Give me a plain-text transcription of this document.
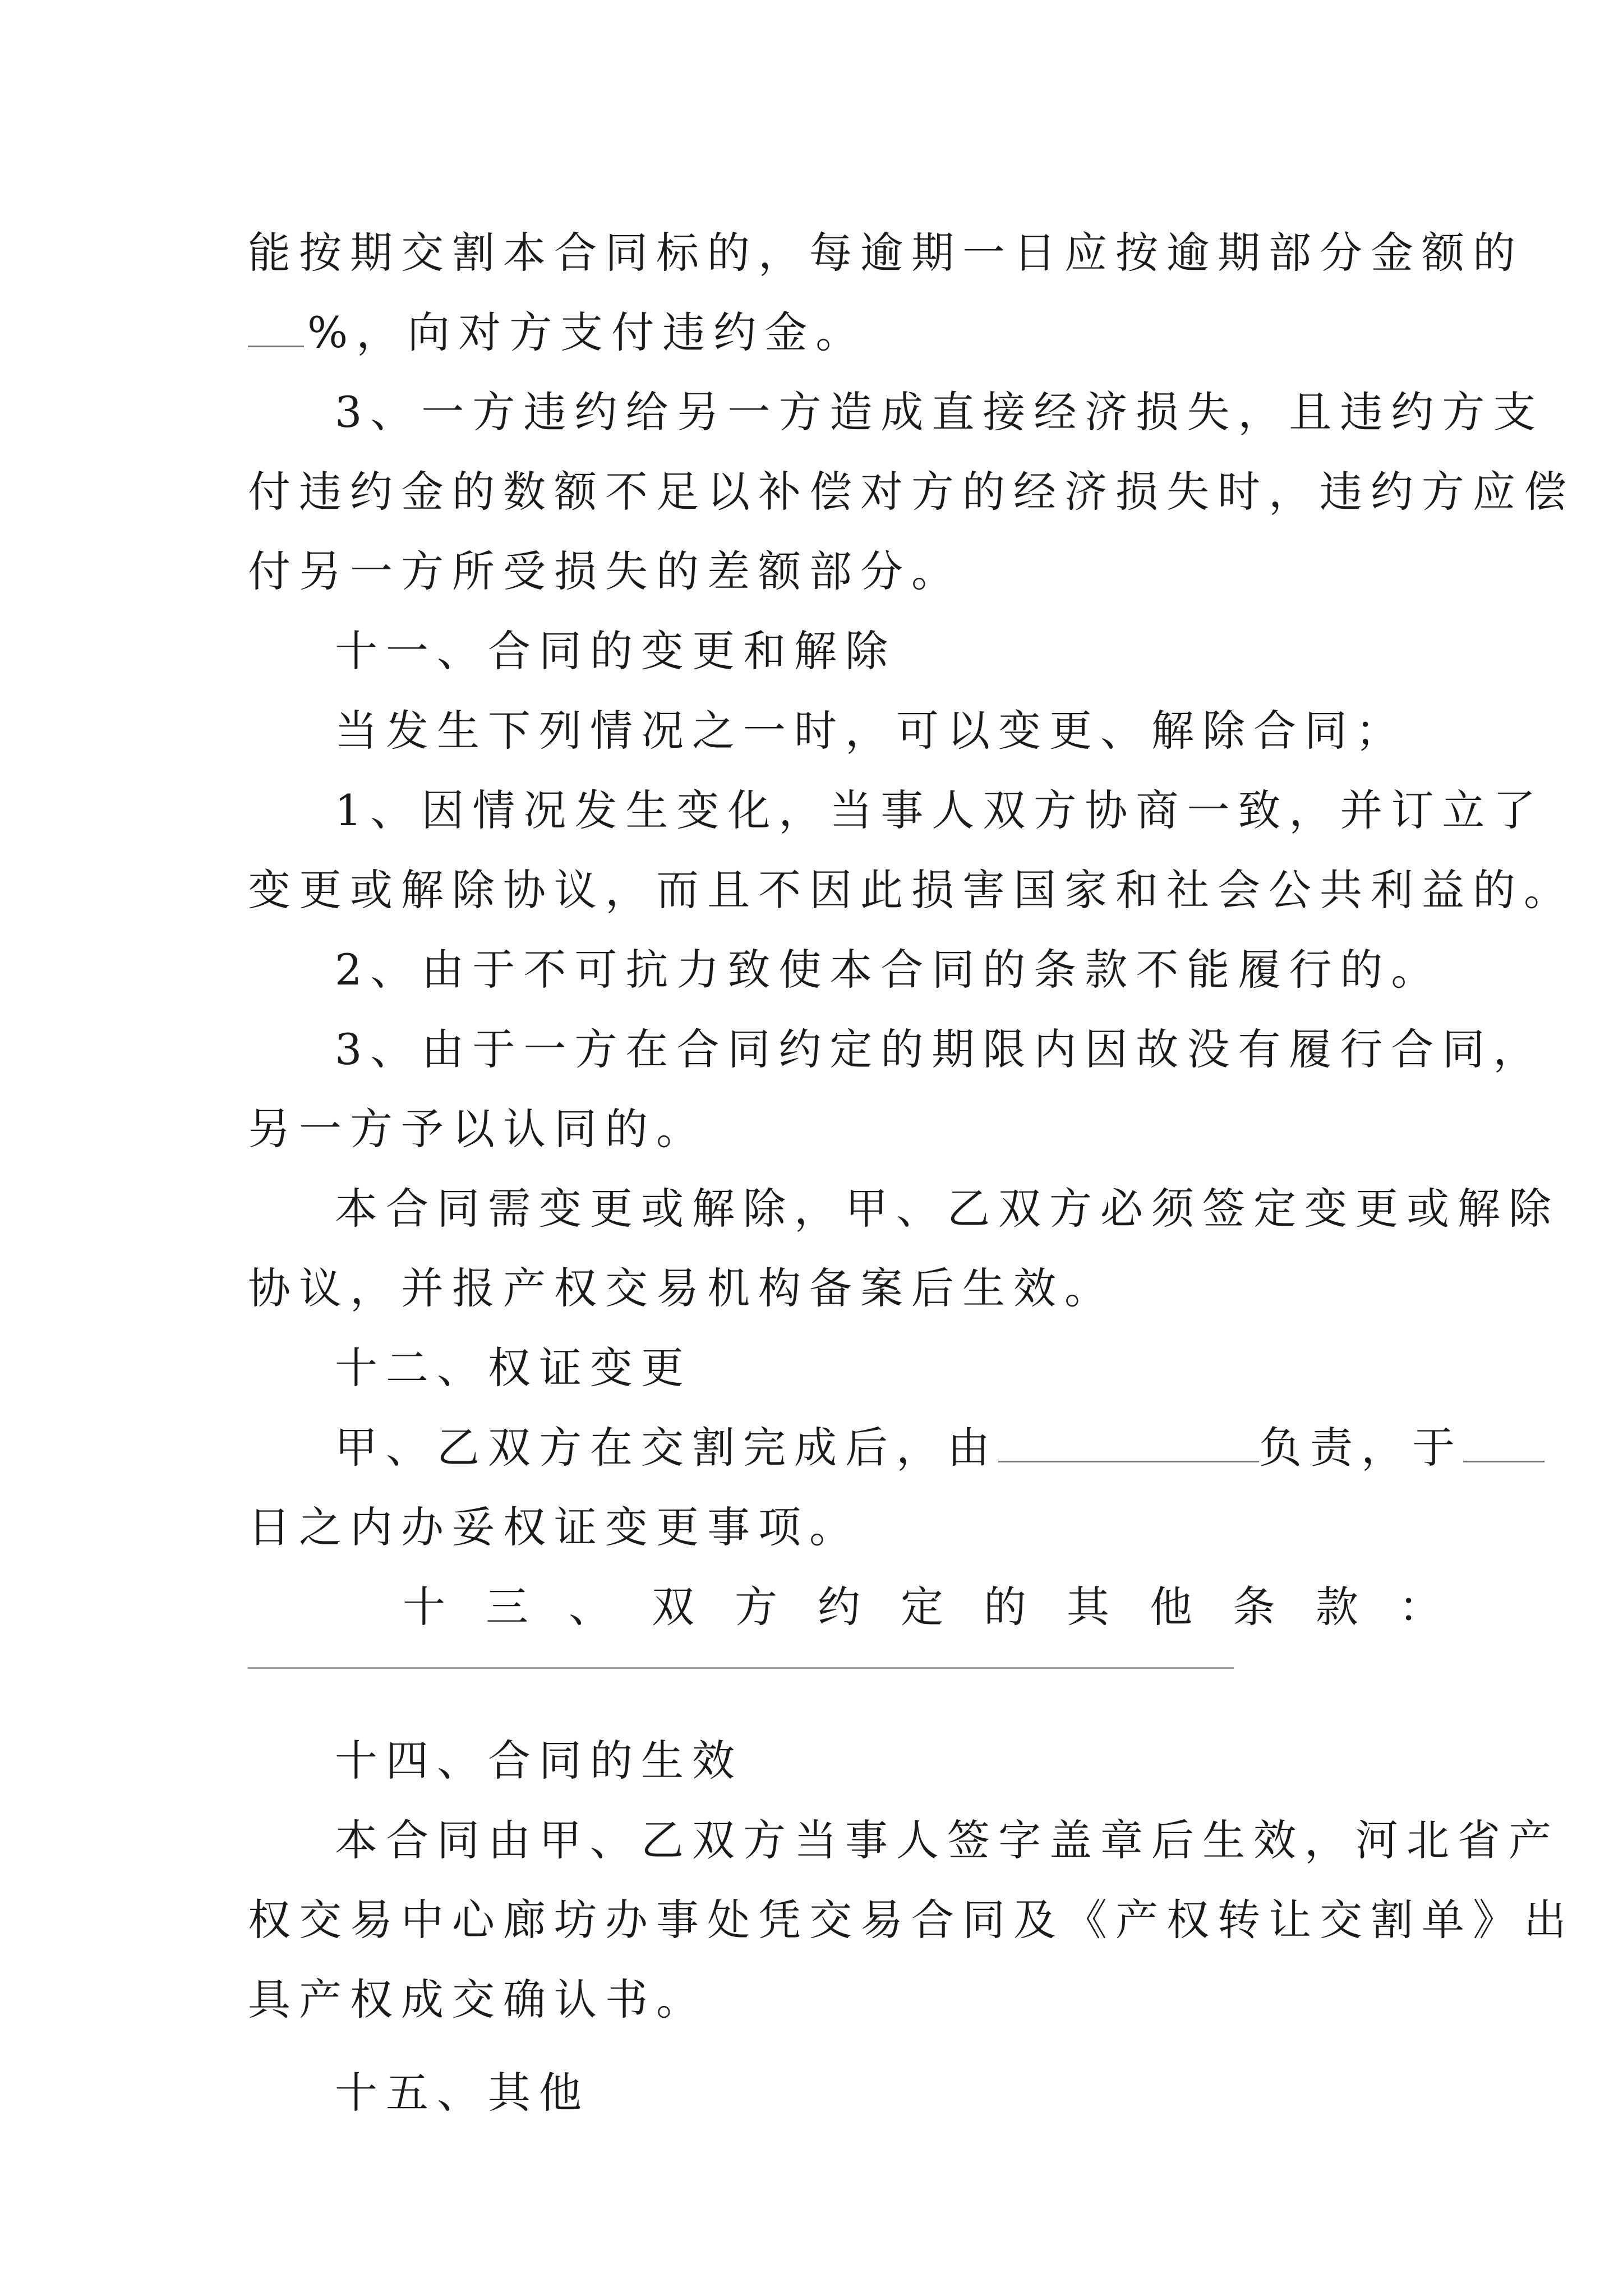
能按期交割本合同标的，每逾期一日应按逾期部分金额的

%，向对方支付违约金。

3、一方违约给另一方造成直接经济损失，且违约方支

付违约金的数额不足以补偿对方的经济损失时，违约方应偿

付另一方所受损失的差额部分。

十一、合同的变更和解除

当发生下列情况之一时，可以变更、解除合同；

1、因情况发生变化，当事人双方协商一致，并订立了

变更或解除协议，而且不因此损害国家和社会公共利益的。

2、由于不可抗力致使本合同的条款不能履行的。

3、由于一方在合同约定的期限内因故没有履行合同，

另一方予以认同的。

本合同需变更或解除，甲、乙双方必须签定变更或解除

协议，并报产权交易机构备案后生效。

十二、权证变更

甲、乙双方在交割完成后，由	负责，于

日之内办妥权证变更事项。

十三、双方约定的其他条款：

十四、合同的生效

本合同由甲、乙双方当事人签字盖章后生效，河北省产

权交易中心廊坊办事处凭交易合同及《产权转让交割单》出

具产权成交确认书。

十五、其他
